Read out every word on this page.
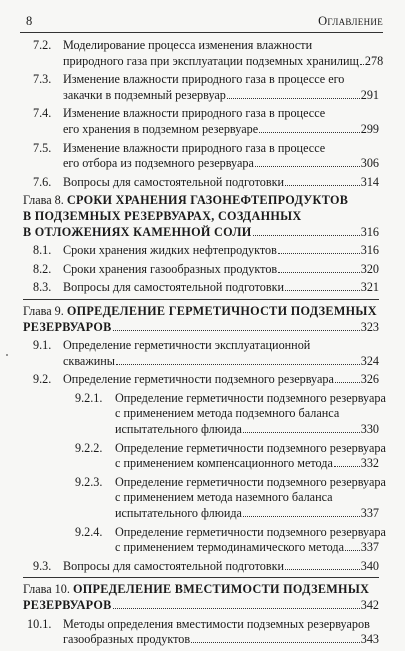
8	Оглавление
7.2. Моделирование процесса изменения влажности
природного газа при эксплуатации подземных хранилищ 278
7.3. Изменение влажности природного газа в процессе его
закачки в подземный резервуар	291
7.4. Изменение влажности природного газа в процессе
его хранения в подземном резервуаре	299
7.5. Изменение влажности природного газа в процессе
его отбора из подземного резервуара	306
7.6. Вопросы для самостоятельной подготовки	314
Глава 8. СРОКИ ХРАНЕНИЯ ГАЗОНЕФТЕПРОДУКТОВ
В ПОДЗЕМНЫХ РЕЗЕРВУАРАХ, СОЗДАННЫХ
В ОТЛОЖЕНИЯХ КАМЕННОЙ СОЛИ	316
8.1. Сроки хранения жидких нефтепродуктов	316
8.2. Сроки хранения газообразных продуктов	320
8.3. Вопросы для самостоятельной подготовки	321
Глава 9. ОПРЕДЕЛЕНИЕ ГЕРМЕТИЧНОСТИ ПОДЗЕМНЫХ
РЕЗЕРВУАРОВ	323
9.1. Определение герметичности эксплуатационной
скважины	324
9.2. Определение герметичности подземного резервуара 326
9.2.1. Определение герметичности подземного резервуара
с применением метода подземного баланса
испытательного флюида	330
9.2.2. Определение герметичности подземного резервуара
с применением компенсационного метода 332
9.2.3. Определение герметичности подземного резервуара
с применением метода наземного баланса
испытательного флюида	337
9.2.4. Определение герметичности подземного резервуара
с применением термодинамического метода 337
9.3. Вопросы для самостоятельной подготовки	340
Глава 10. ОПРЕДЕЛЕНИЕ ВМЕСТИМОСТИ ПОДЗЕМНЫХ
РЕЗЕРВУАРОВ	342
10.1. Методы определения вместимости подземных резервуаров
газообразных продуктов	343
